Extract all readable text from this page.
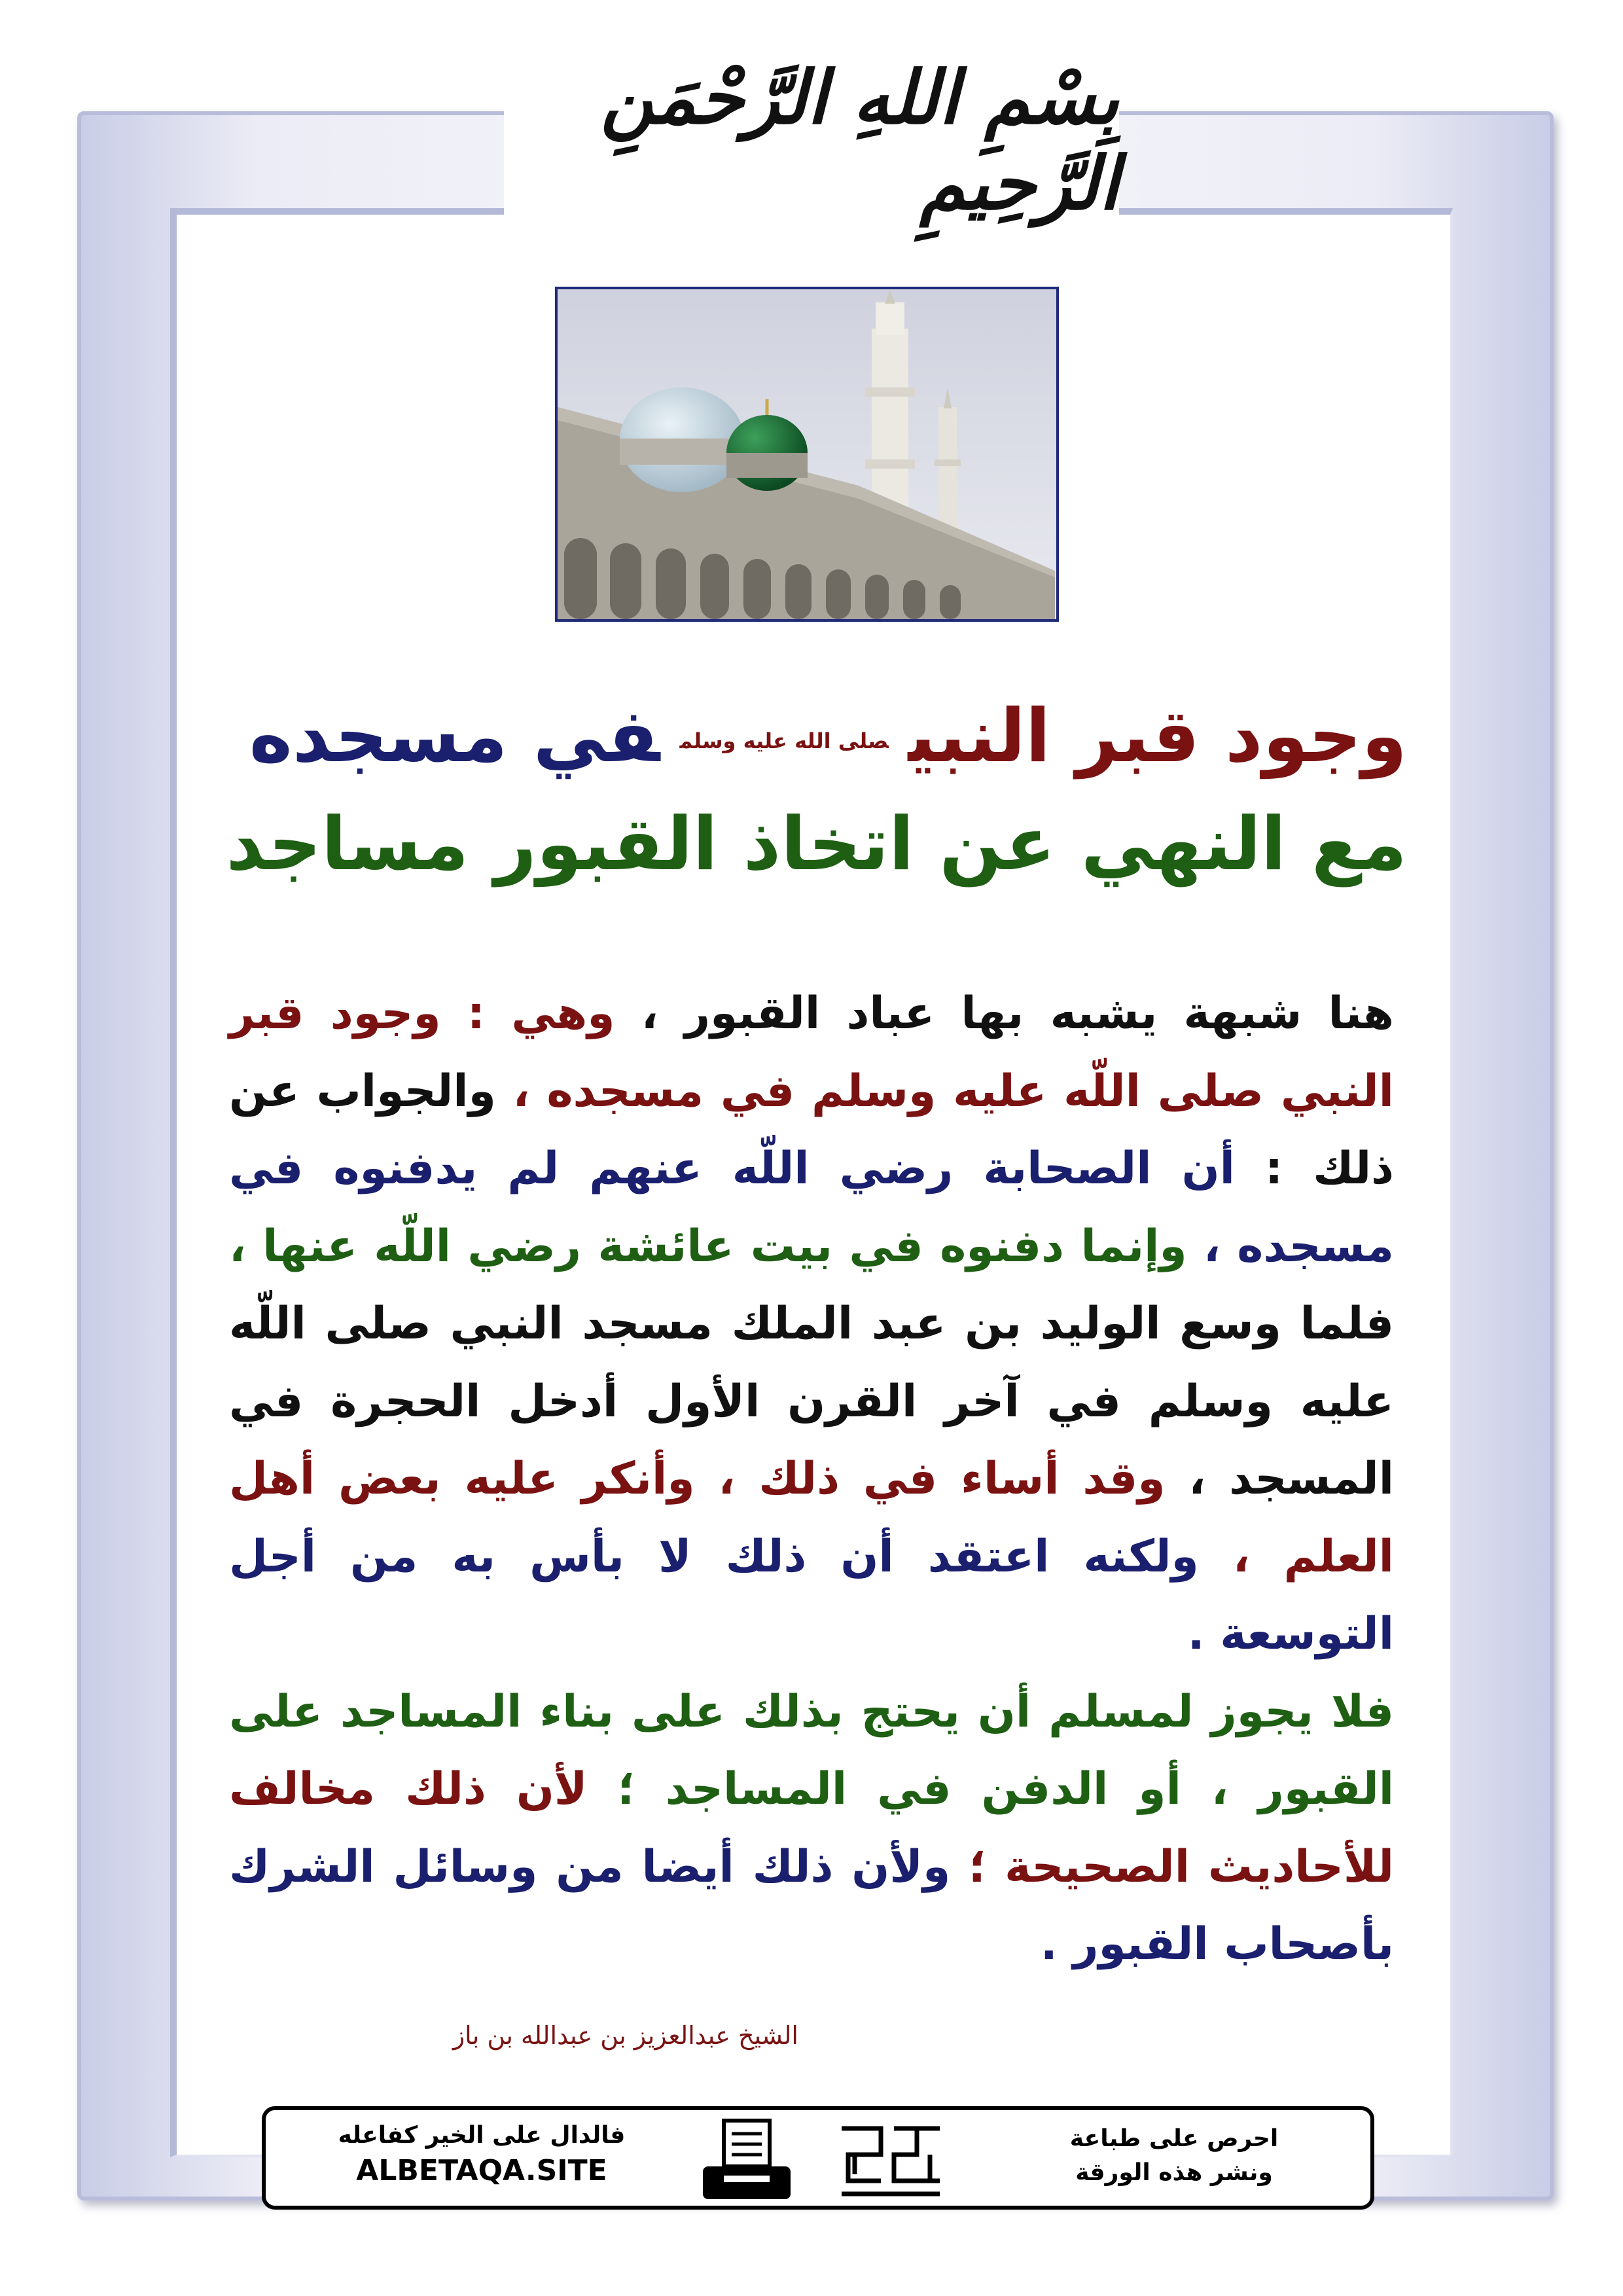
بِسْمِ اللهِ الرَّحْمَنِ الرَّحِيمِ
وجود قبر النبيصلى الله عليه وسلمفي مسجده
مع النهي عن اتخاذ القبور مساجد
هنا شبهة يشبه بها عباد القبور ، وهي : وجود قبر النبي صلى اللّه عليه وسلم في مسجده ، والجواب عن ذلك : أن الصحابة رضي اللّه عنهم لم يدفنوه في مسجده ، وإنما دفنوه في بيت عائشة رضي اللّه عنها ، فلما وسع الوليد بن عبد الملك مسجد النبي صلى اللّه عليه وسلم في آخر القرن الأول أدخل الحجرة في المسجد ، وقد أساء في ذلك ، وأنكر عليه بعض أهل العلم ، ولكنه اعتقد أن ذلك لا بأس به من أجل التوسعة .
فلا يجوز لمسلم أن يحتج بذلك على بناء المساجد على القبور ، أو الدفن في المساجد ؛ لأن ذلك مخالف للأحاديث الصحيحة ؛ ولأن ذلك أيضا من وسائل الشرك بأصحاب القبور .
الشيخ عبدالعزيز بن عبدالله بن باز
فالدال على الخير كفاعله
ALBETAQA.SITE
احرص على طباعة
ونشر هذه الورقة
